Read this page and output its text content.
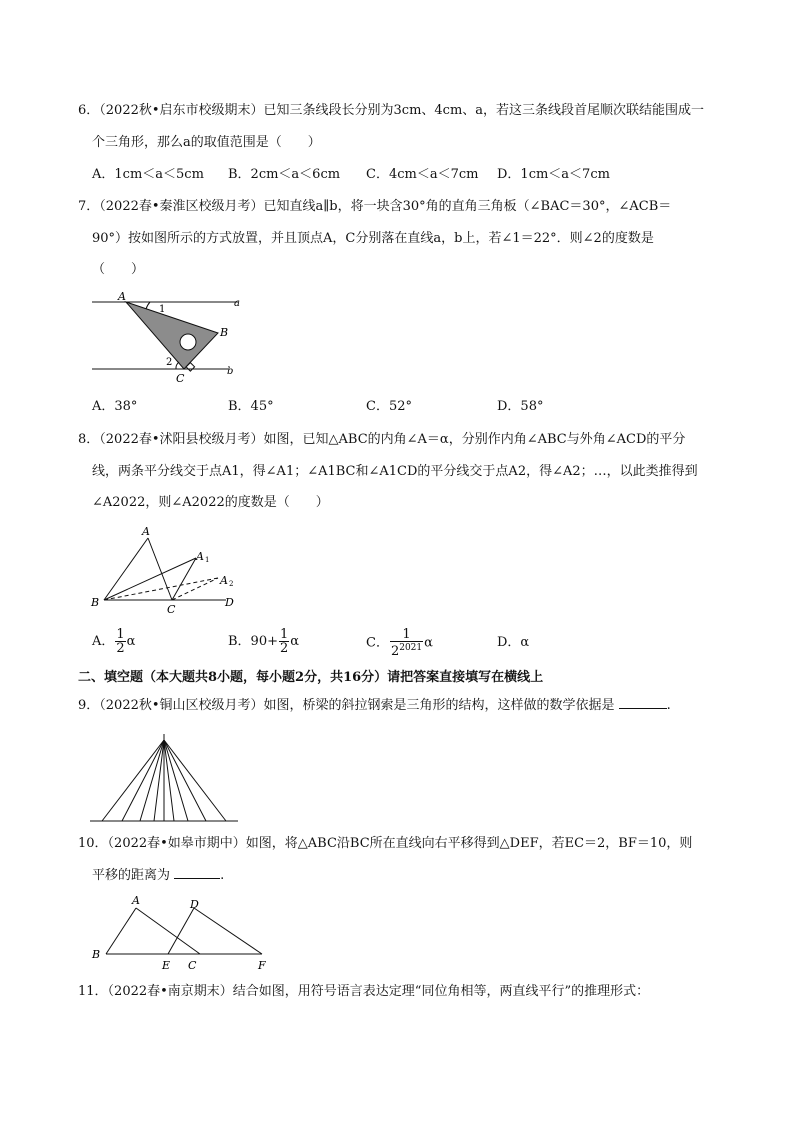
6．（2022秋•启东市校级期末）已知三条线段长分别为3cm、4cm、a，若这三条线段首尾顺次联结能围成一
个三角形，那么a的取值范围是（　　）
A．1cm＜a＜5cm B．2cm＜a＜6cm C．4cm＜a＜7cm D．1cm＜a＜7cm
7．（2022春•秦淮区校级月考）已知直线a∥b，将一块含30°角的直角三角板（∠BAC＝30°，∠ACB＝
90°）按如图所示的方式放置，并且顶点A，C分别落在直线a，b上，若∠1＝22°．则∠2的度数是
（　　）
A
B
C
a
b
1
2
A．38°	B．45°	C．52°	D．58°
8．（2022春•沭阳县校级月考）如图，已知△ABC的内角∠A＝α，分别作内角∠ABC与外角∠ACD的平分
线，两条平分线交于点A1，得∠A1；∠A1BC和∠A1CD的平分线交于点A2，得∠A2；…，以此类推得到
∠A2022，则∠A2022的度数是（　　）
A
A 1
A 2
B
C
D
A． $\frac{1}{2}$ α	B．$90+ \frac{1}{2}$ α	C． $\frac{1}{2^{2021}}$ α	D．α
二、填空题（本大题共8小题，每小题2分，共16分）请把答案直接填写在横线上
9．（2022秋•铜山区校级月考）如图，桥梁的斜拉钢索是三角形的结构，这样做的数学依据是	.
10．（2022春•如皋市期中）如图，将△ABC沿BC所在直线向右平移得到△DEF，若EC＝2，BF＝10，则
平移的距离为	.
A
B
C
D
E	F
11．（2022春•南京期末）结合如图，用符号语言表达定理“同位角相等，两直线平行”的推理形式：
